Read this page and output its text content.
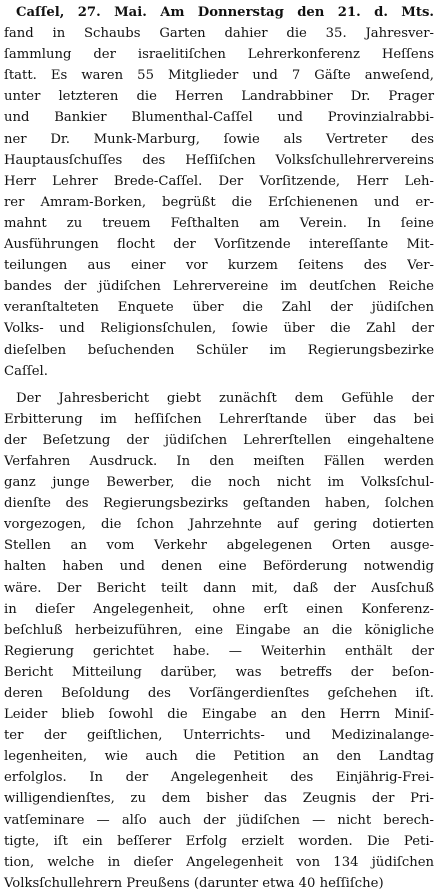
Caſſel, 27. Mai. Am Donnerstag den 21. d. Mts.
fand in Schaubs Garten dahier die 35. Jahresver-
ſammlung der israelitiſchen Lehrerkonferenz Heſſens
ſtatt. Es waren 55 Mitglieder und 7 Gäſte anweſend,
unter letzteren die Herren Landrabbiner Dr. Prager
und Bankier Blumenthal-Caſſel und Provinzialrabbi-
ner Dr. Munk-Marburg, ſowie als Vertreter des
Hauptausſchuſſes des Heſſiſchen Volksſchullehrervereins
Herr Lehrer Brede-Caſſel. Der Vorſitzende, Herr Leh-
rer Amram-Borken, begrüßt die Erſchienenen und er-
mahnt zu treuem Feſthalten am Verein. In ſeine
Ausführungen flocht der Vorſitzende intereſſante Mit-
teilungen aus einer vor kurzem ſeitens des Ver-
bandes der jüdiſchen Lehrervereine im deutſchen Reiche
veranſtalteten Enquete über die Zahl der jüdiſchen
Volks- und Religionsſchulen, ſowie über die Zahl der
dieſelben beſuchenden Schüler im Regierungsbezirke
Caſſel.
Der Jahresbericht giebt zunächſt dem Gefühle der
Erbitterung im heſſiſchen Lehrerſtande über das bei
der Beſetzung der jüdiſchen Lehrerſtellen eingehaltene
Verfahren Ausdruck. In den meiſten Fällen werden
ganz junge Bewerber, die noch nicht im Volksſchul-
dienſte des Regierungsbezirks geſtanden haben, ſolchen
vorgezogen, die ſchon Jahrzehnte auf gering dotierten
Stellen an vom Verkehr abgelegenen Orten ausge-
halten haben und denen eine Beförderung notwendig
wäre. Der Bericht teilt dann mit, daß der Ausſchuß
in dieſer Angelegenheit, ohne erſt einen Konferenz-
beſchluß herbeizuführen, eine Eingabe an die königliche
Regierung gerichtet habe. — Weiterhin enthält der
Bericht Mitteilung darüber, was betreffs der beſon-
deren Beſoldung des Vorſängerdienſtes geſchehen iſt.
Leider blieb ſowohl die Eingabe an den Herrn Miniſ-
ter der geiſtlichen, Unterrichts- und Medizinalange-
legenheiten, wie auch die Petition an den Landtag
erfolglos. In der Angelegenheit des Einjährig-Frei-
willigendienſtes, zu dem bisher das Zeugnis der Pri-
vatſeminare — alſo auch der jüdiſchen — nicht berech-
tigte, iſt ein beſſerer Erfolg erzielt worden. Die Peti-
tion, welche in dieſer Angelegenheit von 134 jüdiſchen
Volksſchullehrern Preußens (darunter etwa 40 heſſiſche)
